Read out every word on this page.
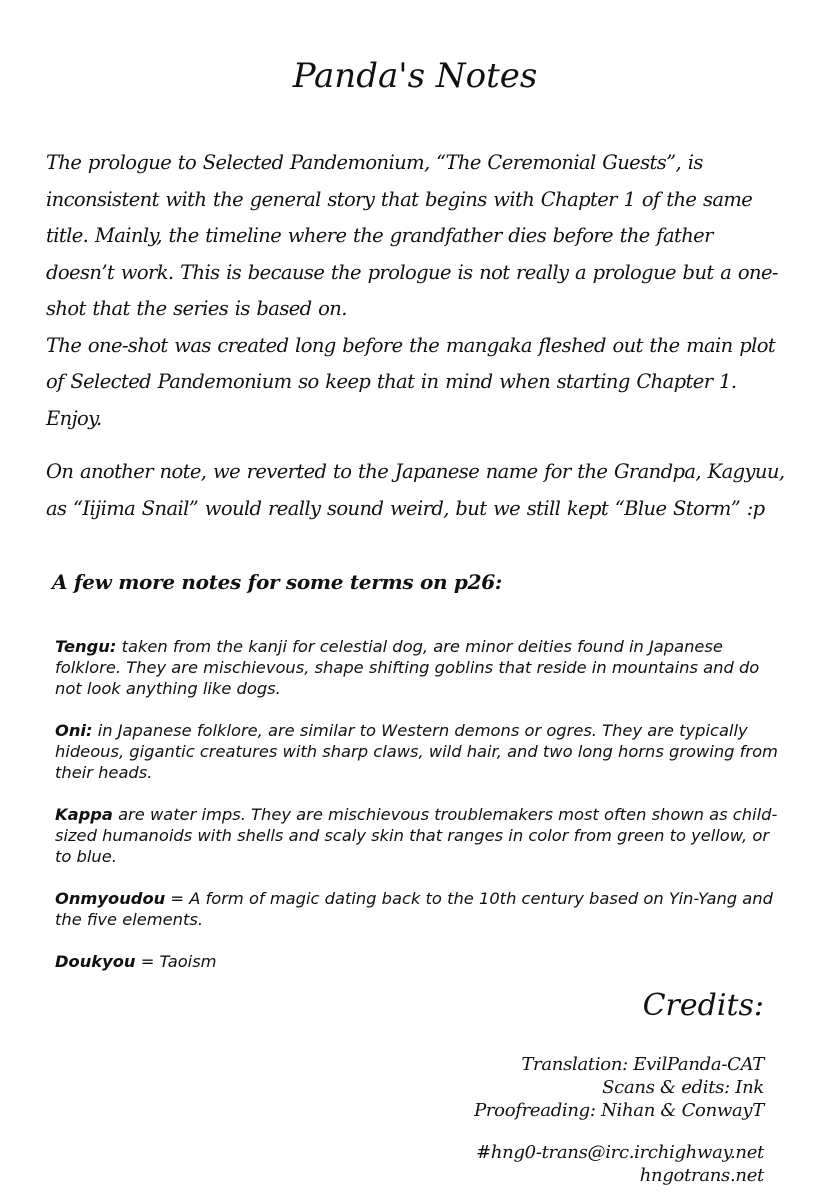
Panda's Notes

The prologue to Selected Pandemonium, “The Ceremonial Guests”, is inconsistent with the general story that begins with Chapter 1 of the same title. Mainly, the timeline where the grandfather dies before the father doesn’t work. This is because the prologue is not really a prologue but a one-shot that the series is based on.

The one-shot was created long before the mangaka fleshed out the main plot of Selected Pandemonium so keep that in mind when starting Chapter 1.

Enjoy.

On another note, we reverted to the Japanese name for the Grandpa, Kagyuu, as “Iijima Snail” would really sound weird, but we still kept “Blue Storm” :p

A few more notes for some terms on p26:

Tengu: taken from the kanji for celestial dog, are minor deities found in Japanese folklore. They are mischievous, shape shifting goblins that reside in mountains and do not look anything like dogs.

Oni: in Japanese folklore, are similar to Western demons or ogres. They are typically hideous, gigantic creatures with sharp claws, wild hair, and two long horns growing from their heads.

Kappa are water imps. They are mischievous troublemakers most often shown as child-sized humanoids with shells and scaly skin that ranges in color from green to yellow, or to blue.

Onmyoudou = A form of magic dating back to the 10th century based on Yin-Yang and the five elements.

Doukyou = Taoism

Credits:
Translation: EvilPanda-CAT
Scans & edits: Ink
Proofreading: Nihan & ConwayT
#hng0-trans@irc.irchighway.net
hngotrans.net
